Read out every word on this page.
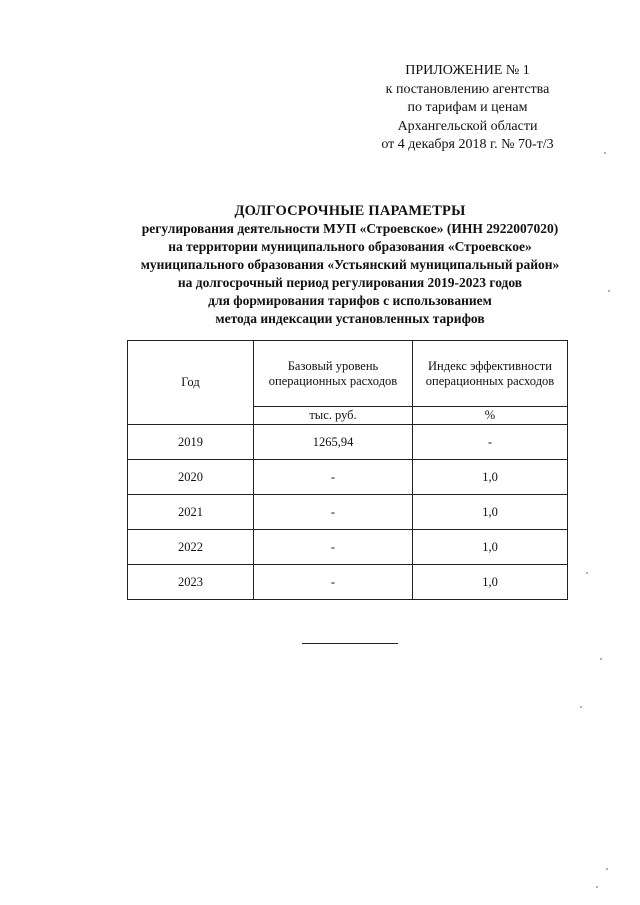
ПРИЛОЖЕНИЕ № 1
к постановлению агентства
по тарифам и ценам
Архангельской области
от 4 декабря 2018 г. № 70-т/3
ДОЛГОСРОЧНЫЕ ПАРАМЕТРЫ
регулирования деятельности МУП «Строевское» (ИНН 2922007020)
на территории муниципального образования «Строевское»
муниципального образования «Устьянский муниципальный район»
на долгосрочный период регулирования 2019-2023 годов
для формирования тарифов с использованием
метода индексации установленных тарифов
Год	Базовый уровень операционных расходов	Индекс эффективности операционных расходов
	тыс. руб.	%
2019	1265,94	-
2020	-	1,0
2021	-	1,0
2022	-	1,0
2023	-	1,0
